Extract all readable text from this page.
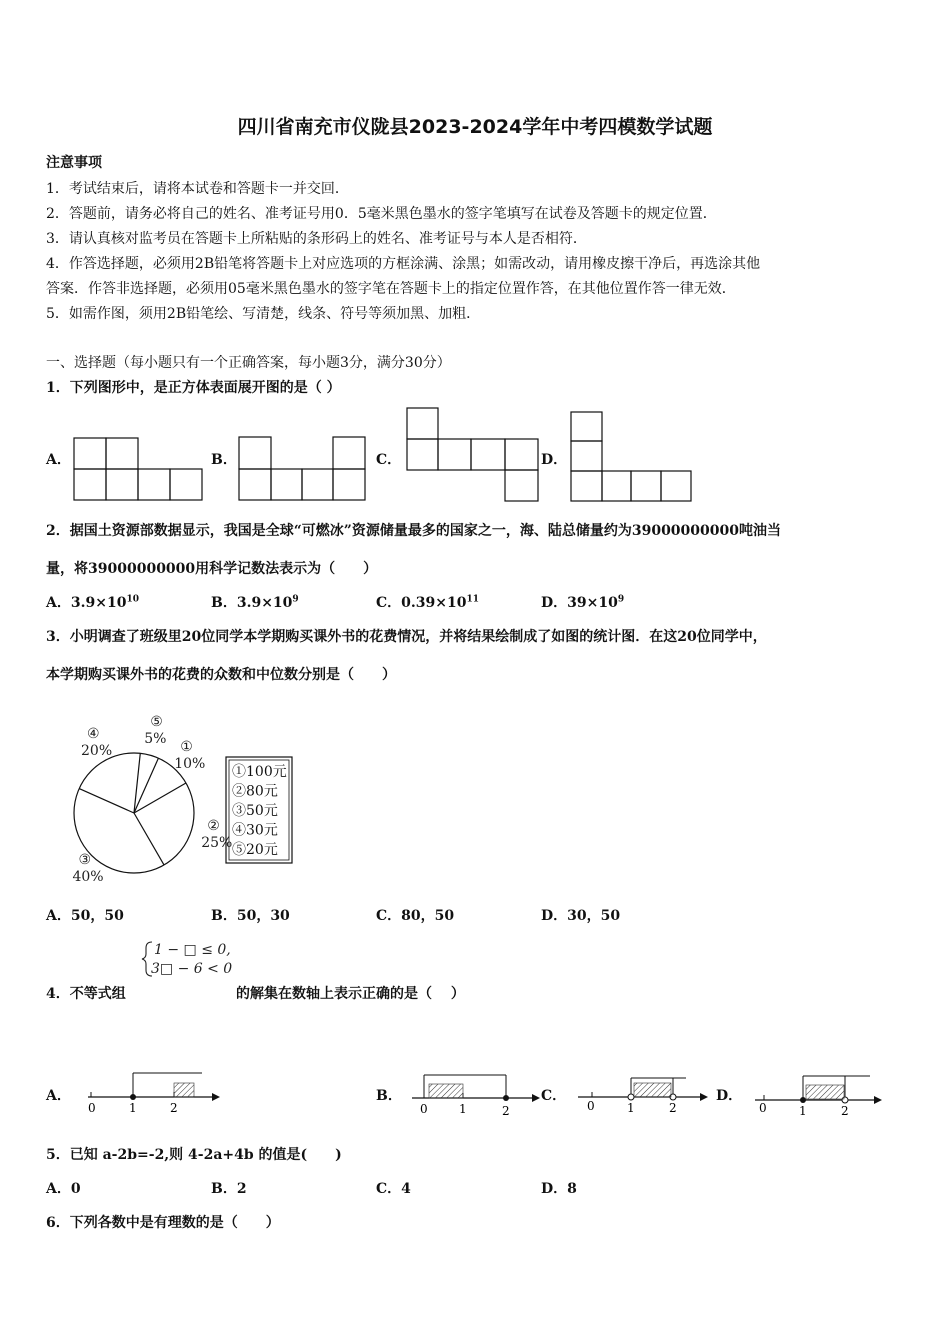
四川省南充市仪陇县2023-2024学年中考四模数学试题
注意事项
1．考试结束后，请将本试卷和答题卡一并交回．
2．答题前，请务必将自己的姓名、准考证号用0．5毫米黑色墨水的签字笔填写在试卷及答题卡的规定位置．
3．请认真核对监考员在答题卡上所粘贴的条形码上的姓名、准考证号与本人是否相符．
4．作答选择题，必须用2B铅笔将答题卡上对应选项的方框涂满、涂黑；如需改动，请用橡皮擦干净后，再选涂其他
答案．作答非选择题，必须用05毫米黑色墨水的签字笔在答题卡上的指定位置作答，在其他位置作答一律无效．
5．如需作图，须用2B铅笔绘、写清楚，线条、符号等须加黑、加粗．
一、选择题（每小题只有一个正确答案，每小题3分，满分30分）
1．下列图形中，是正方体表面展开图的是（ ）
A．	B．	C．	D．
2．据国土资源部数据显示，我国是全球“可燃冰”资源储量最多的国家之一，海、陆总储量约为39000000000吨油当
量，将39000000000用科学记数法表示为（　　）
A．$3.9\times 10^{10}$	B．$3.9\times 10^9$	C．$0.39\times 10^{11}$	D．$39\times 10^9$
3．小明调查了班级里20位同学本学期购买课外书的花费情况，并将结果绘制成了如图的统计图．在这20位同学中，
本学期购买课外书的花费的众数和中位数分别是（　　）
①
10%
②
25%
③
40%
④
20%
⑤
5%
①100元
②80元
③50元
④30元
⑤20元
A．50，50	B．50，30	C．80，50	D．30，50
1 − □ ≤ 0,
3□ − 6 < 0
4．不等式组	的解集在数轴上表示正确的是（　 ）
A．	B．	C．	D．
0	1	2	0	1	2	0	1	2	0	1	2
5．已知 a-2b=-2,则 4-2a+4b 的值是(　　)
A．0	B．2	C．4	D．8
6．下列各数中是有理数的是（　　）
